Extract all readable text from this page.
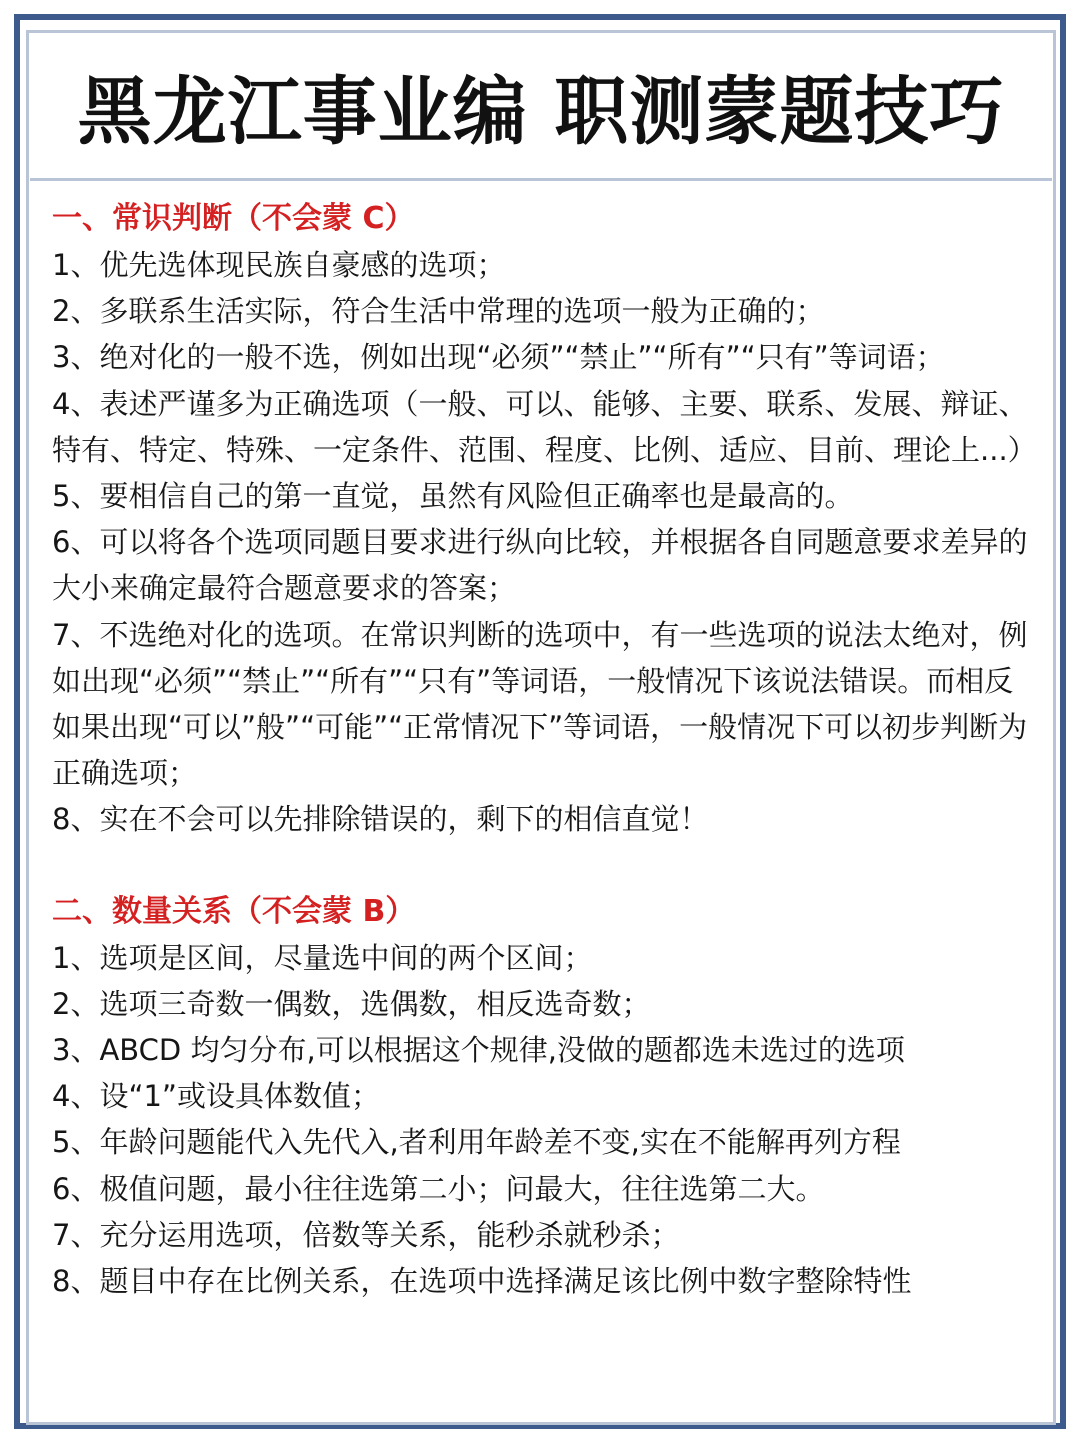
黑龙江事业编 职测蒙题技巧
一、常识判断（不会蒙 C）

1、优先选体现民族自豪感的选项；

2、多联系生活实际，符合生活中常理的选项一般为正确的；

3、绝对化的一般不选，例如出现“必须”“禁止”“所有”“只有”等词语；

4、表述严谨多为正确选项（一般、可以、能够、主要、联系、发展、辩证、特有、特定、特殊、一定条件、范围、程度、比例、适应、目前、理论上...）

5、要相信自己的第一直觉，虽然有风险但正确率也是最高的。

6、可以将各个选项同题目要求进行纵向比较，并根据各自同题意要求差异的大小来确定最符合题意要求的答案；

7、不选绝对化的选项。在常识判断的选项中，有一些选项的说法太绝对，例如出现“必须”“禁止”“所有”“只有”等词语，一般情况下该说法错误。而相反如果出现“可以”般”“可能”“正常情况下”等词语，一般情况下可以初步判断为正确选项；

8、实在不会可以先排除错误的，剩下的相信直觉！

二、数量关系（不会蒙 B）

1、选项是区间，尽量选中间的两个区间；

2、选项三奇数一偶数，选偶数，相反选奇数；

3、ABCD 均匀分布,可以根据这个规律,没做的题都选未选过的选项

4、设“1”或设具体数值；

5、年龄问题能代入先代入,者利用年龄差不变,实在不能解再列方程

6、极值问题，最小往往选第二小；问最大，往往选第二大。

7、充分运用选项，倍数等关系，能秒杀就秒杀；

8、题目中存在比例关系，在选项中选择满足该比例中数字整除特性
